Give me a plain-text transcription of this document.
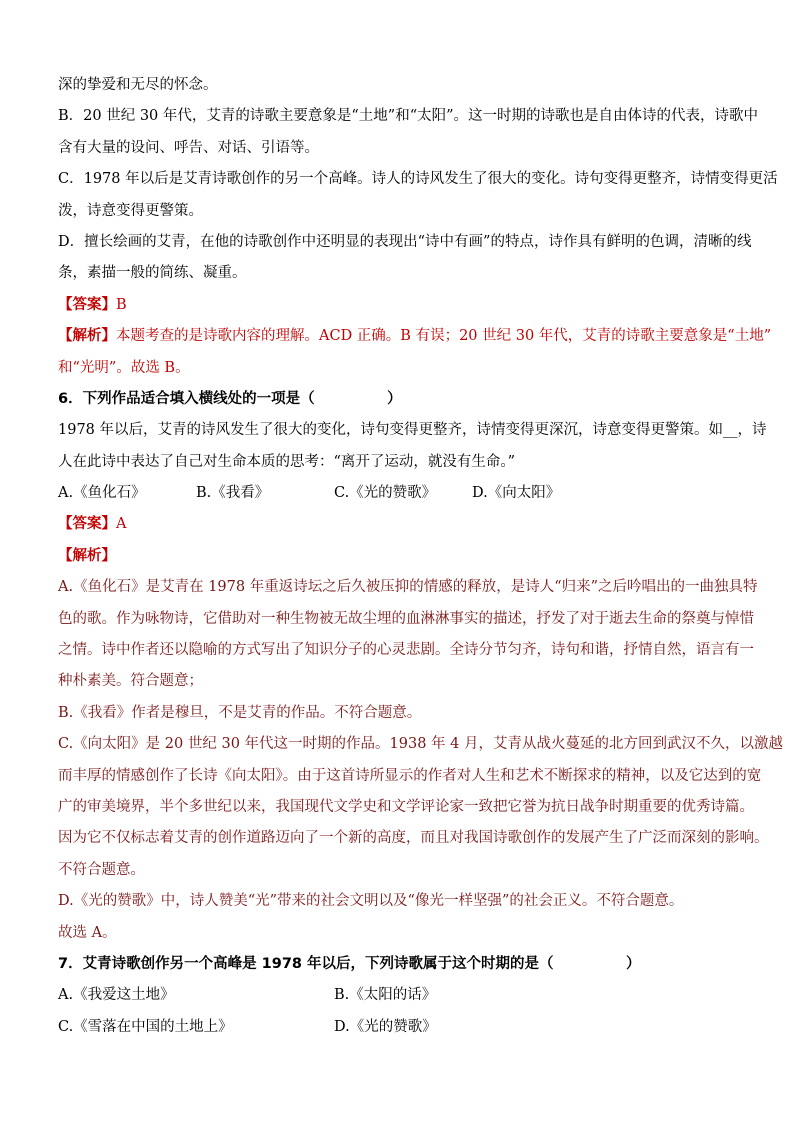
深的挚爱和无尽的怀念。

B．20 世纪 30 年代，艾青的诗歌主要意象是“土地”和“太阳”。这一时期的诗歌也是自由体诗的代表，诗歌中

含有大量的设问、呼告、对话、引语等。

C．1978 年以后是艾青诗歌创作的另一个高峰。诗人的诗风发生了很大的变化。诗句变得更整齐，诗情变得更活

泼，诗意变得更警策。

D．擅长绘画的艾青，在他的诗歌创作中还明显的表现出“诗中有画”的特点，诗作具有鲜明的色调，清晰的线

条，素描一般的简练、凝重。

【答案】B

【解析】本题考查的是诗歌内容的理解。ACD 正确。B 有误；20 世纪 30 年代，艾青的诗歌主要意象是“土地”

和“光明”。故选 B。

6．下列作品适合填入横线处的一项是（　　　　　）

1978 年以后，艾青的诗风发生了很大的变化，诗句变得更整齐，诗情变得更深沉，诗意变得更警策。如__，诗

人在此诗中表达了自己对生命本质的思考：“离开了运动，就没有生命。”

A.《鱼化石》	B.《我看》	C.《光的赞歌》	D.《向太阳》

【答案】A

【解析】

A.《鱼化石》是艾青在 1978 年重返诗坛之后久被压抑的情感的释放，是诗人“归来”之后吟唱出的一曲独具特

色的歌。作为咏物诗，它借助对一种生物被无故尘埋的血淋淋事实的描述，抒发了对于逝去生命的祭奠与悼惜

之情。诗中作者还以隐喻的方式写出了知识分子的心灵悲剧。全诗分节匀齐，诗句和谐，抒情自然，语言有一

种朴素美。符合题意；

B.《我看》作者是穆旦，不是艾青的作品。不符合题意。

C.《向太阳》是 20 世纪 30 年代这一时期的作品。1938 年 4 月，艾青从战火蔓延的北方回到武汉不久，以激越

而丰厚的情感创作了长诗《向太阳》。由于这首诗所显示的作者对人生和艺术不断探求的精神，以及它达到的宽

广的审美境界，半个多世纪以来，我国现代文学史和文学评论家一致把它誉为抗日战争时期重要的优秀诗篇。

因为它不仅标志着艾青的创作道路迈向了一个新的高度，而且对我国诗歌创作的发展产生了广泛而深刻的影响。

不符合题意。

D.《光的赞歌》中，诗人赞美“光”带来的社会文明以及“像光一样坚强”的社会正义。不符合题意。

故选 A。

7．艾青诗歌创作另一个高峰是 1978 年以后，下列诗歌属于这个时期的是（　　　　　）

A.《我爱这土地》	B.《太阳的话》
C.《雪落在中国的土地上》	D.《光的赞歌》
